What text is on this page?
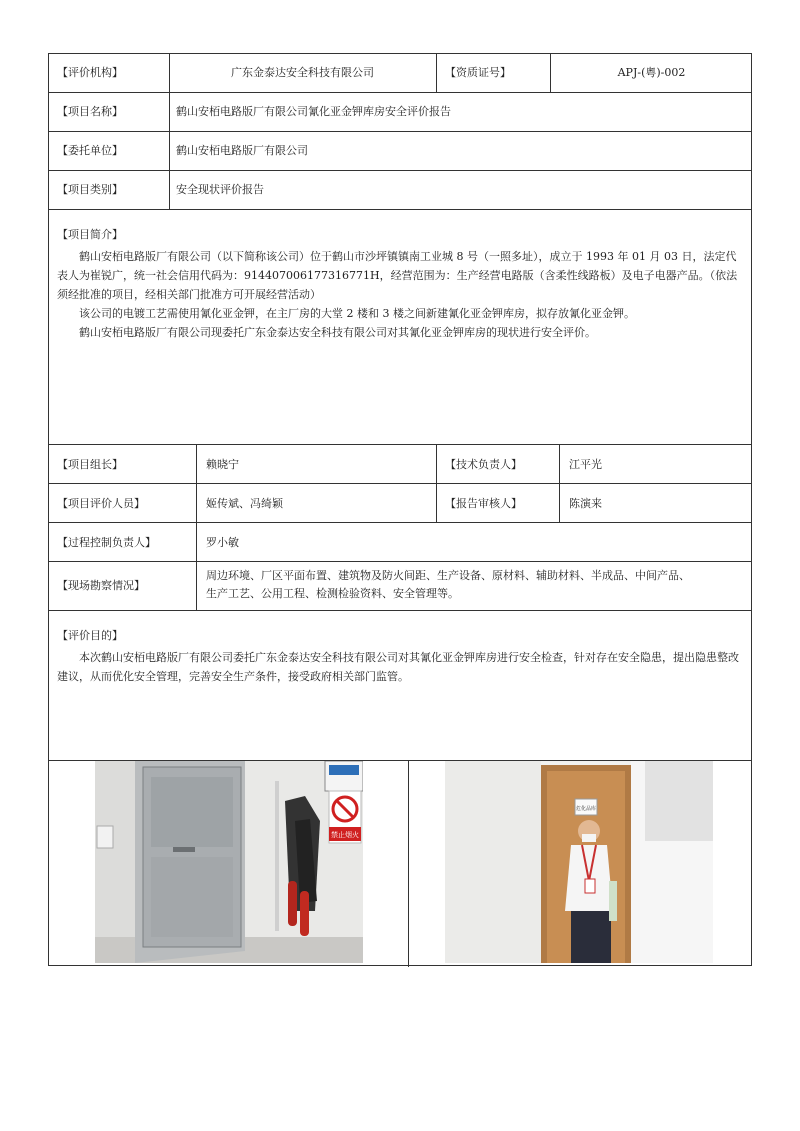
【评价机构】	广东金泰达安全科技有限公司	【资质证号】	APJ-(粤)-002
【项目名称】	鹤山安栢电路版厂有限公司氰化亚金钾库房安全评价报告
【委托单位】	鹤山安栢电路版厂有限公司
【项目类别】	安全现状评价报告
【项目简介】

鹤山安栢电路版厂有限公司（以下简称该公司）位于鹤山市沙坪镇镇南工业城 8 号（一照多址），成立于 1993 年 01 月 03 日，法定代表人为崔锐广，统一社会信用代码为：914407006177316771H，经营范围为：生产经营电路版（含柔性线路板）及电子电器产品。（依法须经批准的项目，经相关部门批准方可开展经营活动）

该公司的电镀工艺需使用氰化亚金钾，在主厂房的大堂 2 楼和 3 楼之间新建氰化亚金钾库房，拟存放氰化亚金钾。

鹤山安栢电路版厂有限公司现委托广东金泰达安全科技有限公司对其氰化亚金钾库房的现状进行安全评价。

【项目组长】	赖晓宁	【技术负责人】	江平光
【项目评价人员】	姬传斌、冯绮颖	【报告审核人】	陈演来
【过程控制负责人】	罗小敏
【现场勘察情况】
周边环境、厂区平面布置、建筑物及防火间距、生产设备、原材料、辅助材料、半成品、中间产品、
生产工艺、公用工程、检测检验资料、安全管理等。
【评价目的】

本次鹤山安栢电路版厂有限公司委托广东金泰达安全科技有限公司对其氰化亚金钾库房进行安全检查，针对存在安全隐患，提出隐患整改建议，从而优化安全管理，完善安全生产条件，接受政府相关部门监管。

禁止烟火
危化品库
